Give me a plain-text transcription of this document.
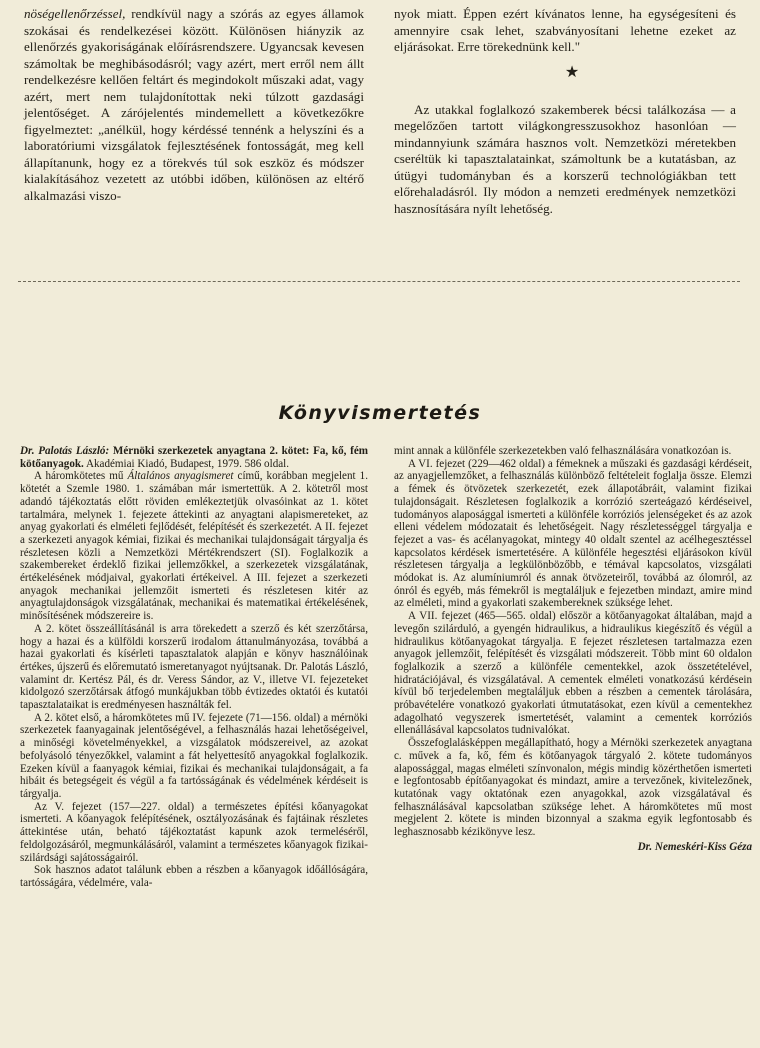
nöségellenőrzéssel, rendkívül nagy a szórás az egyes államok szokásai és rendelkezései között. Különösen hiányzik az ellenőrzés gyakoriságának előírásrendszere. Ugyancsak kevesen számoltak be meghibásodásról; vagy azért, mert erről nem állt rendelkezésre kellően feltárt és megindokolt műszaki adat, vagy azért, mert nem tulajdonítottak neki túlzott gazdasági jelentőséget. A zárójelentés mindemellett a következőkre figyelmeztet: „anélkül, hogy kérdéssé tennénk a helyszíni és a laboratóriumi vizsgálatok fejlesztésének fontosságát, meg kell állapítanunk, hogy ez a törekvés túl sok eszköz és módszer kialakításához vezetett az utóbbi időben, különösen az eltérő alkalmazási viszo-

nyok miatt. Éppen ezért kívánatos lenne, ha egységesíteni és amennyire csak lehet, szabványosítani lehetne ezeket az eljárásokat. Erre törekednünk kell."

★

Az utakkal foglalkozó szakemberek bécsi találkozása — a megelőzően tartott világkongresszusokhoz hasonlóan — mindannyiunk számára hasznos volt. Nemzetközi méretekben cseréltük ki tapasztalatainkat, számoltunk be a kutatásban, az útügyi tudományban és a korszerű technológiákban tett előrehaladásról. Ily módon a nemzeti eredmények nemzetközi hasznosítására nyílt lehetőség.

Könyvismertetés

Dr. Palotás László: Mérnöki szerkezetek anyagtana 2. kötet: Fa, kő, fém kötőanyagok. Akadémiai Kiadó, Budapest, 1979. 586 oldal.

A háromkötetes mű Általános anyagismeret című, korábban megjelent 1. kötetét a Szemle 1980. 1. számában már ismertettük. A 2. kötetről most adandó tájékoztatás előtt röviden emlékeztetjük olvasóinkat az 1. kötet tartalmára, melynek 1. fejezete áttekinti az anyagtani alapismereteket, az anyag gyakorlati és elméleti fejlődését, felépítését és szerkezetét. A II. fejezet a szerkezeti anyagok kémiai, fizikai és mechanikai tulajdonságait tárgyalja és részletesen közli a Nemzetközi Mértékrendszert (SI). Foglalkozik a szakembereket érdeklő fizikai jellemzőkkel, a szerkezetek vizsgálatának, értékelésének módjaival, gyakorlati értékeivel. A III. fejezet a szerkezeti anyagok mechanikai jellemzőit ismerteti és részletesen kitér az anyagtulajdonságok vizsgálatának, mechanikai és matematikai értékelésének, minősítésének módszereire is.

A 2. kötet összeállításánál is arra törekedett a szerző és két szerzőtársa, hogy a hazai és a külföldi korszerű irodalom áttanulmányozása, továbbá a hazai gyakorlati és kísérleti tapasztalatok alapján e könyv használóinak értékes, újszerű és előremutató ismeretanyagot nyújtsanak. Dr. Palotás László, valamint dr. Kertész Pál, és dr. Veress Sándor, az V., illetve VI. fejezeteket kidolgozó szerzőtársak átfogó munkájukban több évtizedes oktatói és kutatói tapasztalataikat is eredményesen használták fel.

A 2. kötet első, a háromkötetes mű IV. fejezete (71—156. oldal) a mérnöki szerkezetek faanyagainak jelentőségével, a felhasználás hazai lehetőségeivel, a minőségi követelményekkel, a vizsgálatok módszereivel, az azokat befolyásoló tényezőkkel, valamint a fát helyettesítő anyagokkal foglalkozik. Ezeken kívül a faanyagok kémiai, fizikai és mechanikai tulajdonságait, a fa hibáit és betegségeit és végül a fa tartósságának és védelmének kérdéseit is tárgyalja.

Az V. fejezet (157—227. oldal) a természetes építési kőanyagokat ismerteti. A kőanyagok felépítésének, osztályozásának és fajtáinak részletes áttekintése után, beható tájékoztatást kapunk azok termeléséről, feldolgozásáról, megmunkálásáról, valamint a természetes kőanyagok fizikai-szilárdsági sajátosságairól.

Sok hasznos adatot találunk ebben a részben a kőanyagok időállóságára, tartósságára, védelmére, vala-

mint annak a különféle szerkezetekben való felhasználására vonatkozóan is.

A VI. fejezet (229—462 oldal) a fémeknek a műszaki és gazdasági kérdéseit, az anyagjellemzőket, a felhasználás különböző feltételeit foglalja össze. Elemzi a fémek és ötvözetek szerkezetét, ezek állapotábráit, valamint fizikai tulajdonságait. Részletesen foglalkozik a korrózió szerteágazó kérdéseivel, tudományos alaposággal ismerteti a különféle korróziós jelenségeket és az azok elleni védelem módozatait és lehetőségeit. Nagy részletességgel tárgyalja e fejezet a vas- és acélanyagokat, mintegy 40 oldalt szentel az acélhegesztéssel kapcsolatos kérdések ismertetésére. A különféle hegesztési eljárásokon kívül részletesen tárgyalja a legkülönbözőbb, e témával kapcsolatos, vizsgálati módokat is. Az alumíniumról és annak ötvözeteiről, továbbá az ólomról, az ónról és egyéb, más fémekről is megtaláljuk e fejezetben mindazt, amire mind az elméleti, mind a gyakorlati szakembereknek szüksége lehet.

A VII. fejezet (465—565. oldal) először a kötőanyagokat általában, majd a levegőn szilárduló, a gyengén hidraulikus, a hidraulikus kiegészítő és végül a hidraulikus kötőanyagokat tárgyalja. E fejezet részletesen tartalmazza ezen anyagok jellemzőit, felépítését és vizsgálati módszereit. Több mint 60 oldalon foglalkozik a szerző a különféle cementekkel, azok összetételével, hidratációjával, és vizsgálatával. A cementek elméleti vonatkozású kérdésein kívül bő terjedelemben megtaláljuk ebben a részben a cementek tárolására, próbavételére vonatkozó gyakorlati útmutatásokat, ezen kívül a cementekhez adagolható vegyszerek ismertetését, valamint a cementek korróziós ellenállásával kapcsolatos tudnivalókat.

Összefoglalásképpen megállapítható, hogy a Mérnöki szerkezetek anyagtana c. művek a fa, kő, fém és kötőanyagok tárgyaló 2. kötete tudományos alapossággal, magas elméleti színvonalon, mégis mindig közérthetően ismerteti e legfontosabb építőanyagokat és mindazt, amire a tervezőnek, kivitelezőnek, kutatónak vagy oktatónak ezen anyagokkal, azok vizsgálatával és felhasználásával kapcsolatban szüksége lehet. A háromkötetes mű most megjelent 2. kötete is minden bizonnyal a szakma egyik legfontosabb és leghasznosabb kézikönyve lesz.

Dr. Nemeskéri-Kiss Géza
